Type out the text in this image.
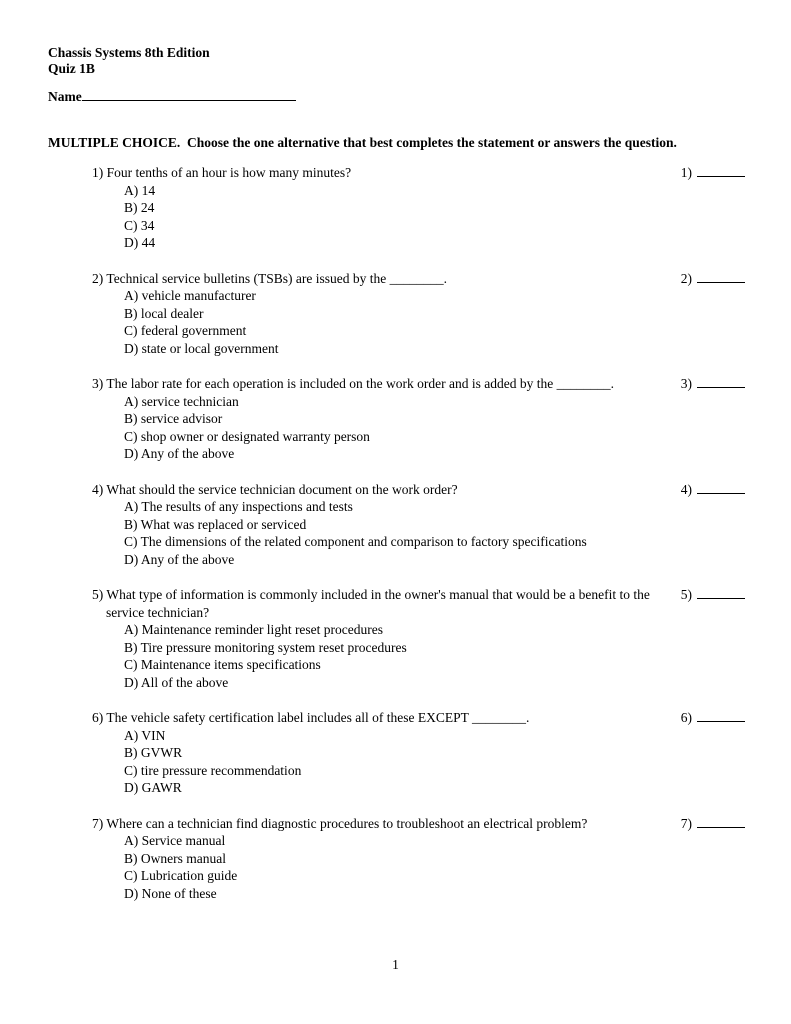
Chassis Systems 8th Edition
Quiz 1B
Name
MULTIPLE CHOICE.  Choose the one alternative that best completes the statement or answers the question.
1) Four tenths of an hour is how many minutes?
A) 14
B) 24
C) 34
D) 44
1)
2) Technical service bulletins (TSBs) are issued by the ________.
A) vehicle manufacturer
B) local dealer
C) federal government
D) state or local government
2)
3) The labor rate for each operation is included on the work order and is added by the ________.
A) service technician
B) service advisor
C) shop owner or designated warranty person
D) Any of the above
3)
4) What should the service technician document on the work order?
A) The results of any inspections and tests
B) What was replaced or serviced
C) The dimensions of the related component and comparison to factory specifications
D) Any of the above
4)
5) What type of information is commonly included in the owner's manual that would be a benefit to the service technician?
A) Maintenance reminder light reset procedures
B) Tire pressure monitoring system reset procedures
C) Maintenance items specifications
D) All of the above
5)
6) The vehicle safety certification label includes all of these EXCEPT ________.
A) VIN
B) GVWR
C) tire pressure recommendation
D) GAWR
6)
7) Where can a technician find diagnostic procedures to troubleshoot an electrical problem?
A) Service manual
B) Owners manual
C) Lubrication guide
D) None of these
7)
1
